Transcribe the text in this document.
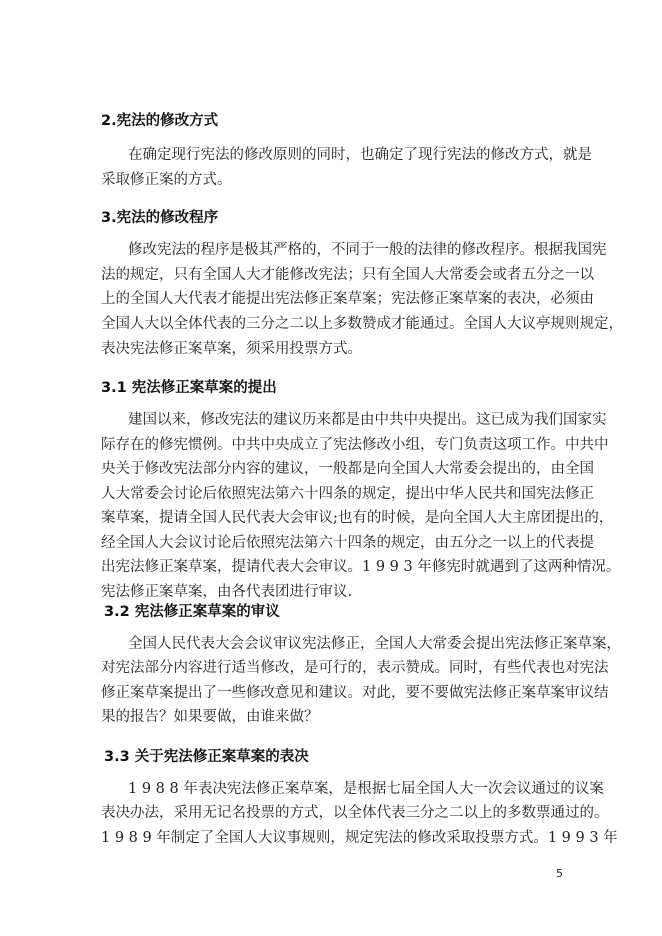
2.宪法的修改方式
在确定现行宪法的修改原则的同时，也确定了现行宪法的修改方式，就是
采取修正案的方式。
3.宪法的修改程序
修改宪法的程序是极其严格的，不同于一般的法律的修改程序。根据我国宪
法的规定，只有全国人大才能修改宪法；只有全国人大常委会或者五分之一以
上的全国人大代表才能提出宪法修正案草案；宪法修正案草案的表决，必须由
全国人大以全体代表的三分之二以上多数赞成才能通过。全国人大议亭规则规定，
表决宪法修正案草案，须采用投票方式。
3.1 宪法修正案草案的提出
建国以来，修改宪法的建议历来都是由中共中央提出。这已成为我们国家实
际存在的修宪惯例。中共中央成立了宪法修改小组，专门负责这项工作。中共中
央关于修改宪法部分内容的建议，一般都是向全国人大常委会提出的，由全国
人大常委会讨论后依照宪法第六十四条的规定，提出中华人民共和国宪法修正
案草案，提请全国人民代表大会审议;也有的时候，是向全国人大主席团提出的，
经全国人大会议讨论后依照宪法第六十四条的规定，由五分之一以上的代表提
出宪法修正案草案，提请代表大会审议。1 9 9 3 年修宪时就遇到了这两种情况。
宪法修正案草案，由各代表团进行审议.
3.2 宪法修正案草案的审议
全国人民代表大会会议审议宪法修正，全国人大常委会提出宪法修正案草案，
对宪法部分内容进行适当修改，是可行的，表示赞成。同时，有些代表也对宪法
修正案草案提出了一些修改意见和建议。对此，要不要做宪法修正案草案审议结
果的报告？如果要做，由谁来做？
3.3 关于宪法修正案草案的表决
1 9 8 8 年表决宪法修正案草案，是根据七届全国人大一次会议通过的议案
表决办法，采用无记名投票的方式，以全体代表三分之二以上的多数票通过的。
1 9 8 9 年制定了全国人大议事规则，规定宪法的修改采取投票方式。1 9 9 3 年
5
